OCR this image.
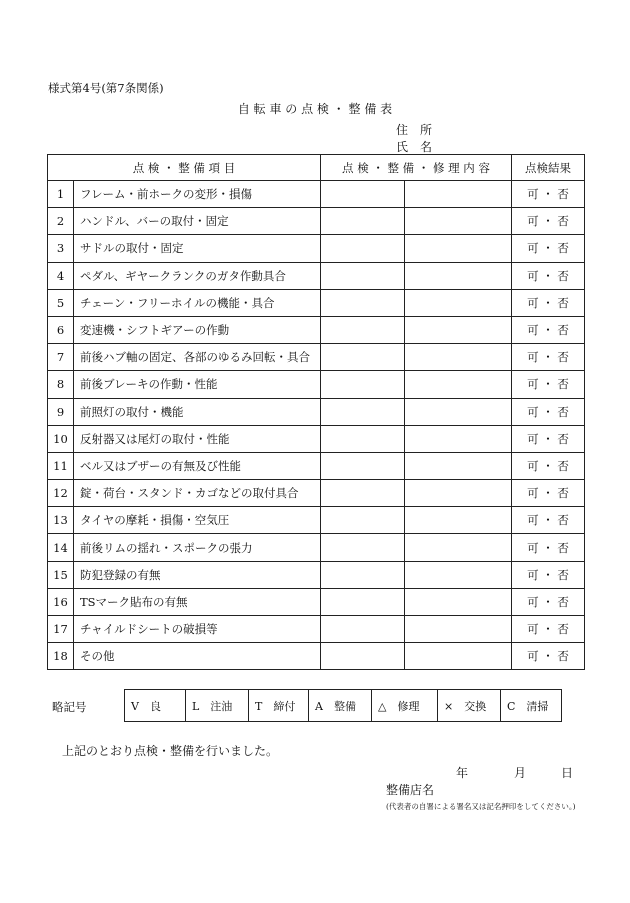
様式第4号(第7条関係)
自 転 車 の 点 検 ・ 整 備 表
住　所
氏　名
点 検 ・ 整 備 項 目		点 検 ・ 整 備 ・ 修 理 内 容		点検結果
1	フレーム・前ホークの変形・損傷			可 ・ 否
2	ハンドル、バーの取付・固定			可 ・ 否
3	サドルの取付・固定			可 ・ 否
4	ペダル、ギヤークランクのガタ作動具合			可 ・ 否
5	チェーン・フリーホイルの機能・具合			可 ・ 否
6	変速機・シフトギアーの作動			可 ・ 否
7	前後ハブ軸の固定、各部のゆるみ回転・具合			可 ・ 否
8	前後ブレーキの作動・性能			可 ・ 否
9	前照灯の取付・機能			可 ・ 否
10	反射器又は尾灯の取付・性能			可 ・ 否
11	ベル又はブザーの有無及び性能			可 ・ 否
12	錠・荷台・スタンド・カゴなどの取付具合			可 ・ 否
13	タイヤの摩耗・損傷・空気圧			可 ・ 否
14	前後リムの揺れ・スポークの張力			可 ・ 否
15	防犯登録の有無			可 ・ 否
16	TSマーク貼布の有無			可 ・ 否
17	チャイルドシートの破損等			可 ・ 否
18	その他			可 ・ 否
略記号	V　良	L　注油	T　締付	A　整備	△　修理	×　交換	C　清掃
上記のとおり点検・整備を行いました。
年	月	日
整備店名
(代表者の自署による署名又は記名押印をしてください。)
